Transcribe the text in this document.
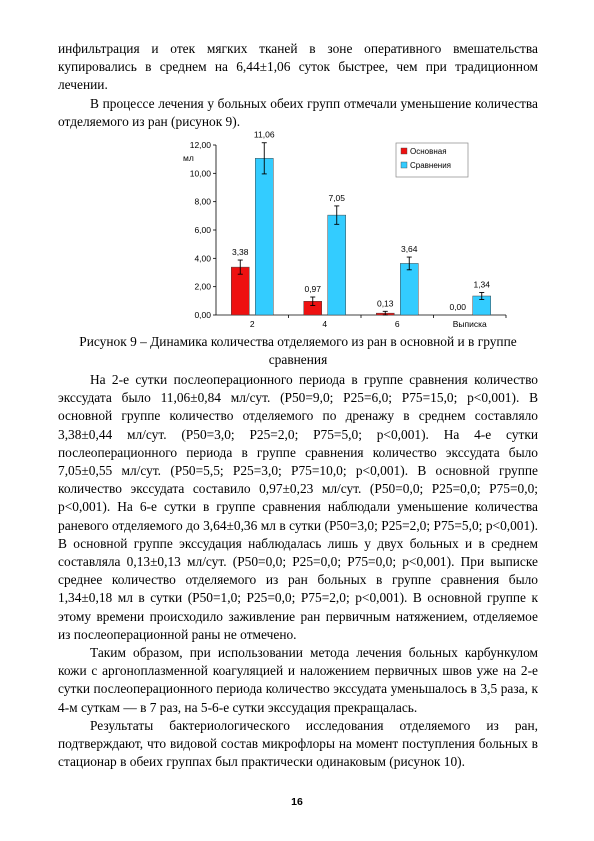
инфильтрация и отек мягких тканей в зоне оперативного вмешательства купировались в среднем на 6,44±1,06 суток быстрее, чем при традиционном лечении.

В процессе лечения у больных обеих групп отмечали уменьшение количества отделяемого из ран (рисунок 9).

0,00
2,00
4,00
6,00
8,00
10,00
12,00
мл
2	4	6	Выписка
3,38
0,97
0,13	0,00
11,06
7,05
3,64
1,34
Основная
Сравнения
Рисунок 9 – Динамика количества отделяемого из ран в основной и в группе сравнения

На 2-е сутки послеоперационного периода в группе сравнения количество экссудата было 11,06±0,84 мл/сут. (P50=9,0; P25=6,0; P75=15,0; p<0,001). В основной группе количество отделяемого по дренажу в среднем составляло 3,38±0,44 мл/сут. (P50=3,0; P25=2,0; P75=5,0; p<0,001). На 4-е сутки послеоперационного периода в группе сравнения количество экссудата было 7,05±0,55 мл/сут. (P50=5,5; P25=3,0; P75=10,0; p<0,001). В основной группе количество экссудата составило 0,97±0,23 мл/сут. (P50=0,0; P25=0,0; P75=0,0; p<0,001). На 6-е сутки в группе сравнения наблюдали уменьшение количества раневого отделяемого до 3,64±0,36 мл в сутки (P50=3,0; P25=2,0; P75=5,0; p<0,001). В основной группе экссудация наблюдалась лишь у двух больных и в среднем составляла 0,13±0,13 мл/сут. (P50=0,0; P25=0,0; P75=0,0; p<0,001). При выписке среднее количество отделяемого из ран больных в группе сравнения было 1,34±0,18 мл в сутки (P50=1,0; P25=0,0; P75=2,0; p<0,001). В основной группе к этому времени происходило заживление ран первичным натяжением, отделяемое из послеоперационной раны не отмечено.

Таким образом, при использовании метода лечения больных карбункулом кожи с аргоноплазменной коагуляцией и наложением первичных швов уже на 2-е сутки послеоперационного периода количество экссудата уменьшалось в 3,5 раза, к 4-м суткам — в 7 раз, на 5-6-е сутки экссудация прекращалась.

Результаты бактериологического исследования отделяемого из ран, подтверждают, что видовой состав микрофлоры на момент поступления больных в стационар в обеих группах был практически одинаковым (рисунок 10).

16
